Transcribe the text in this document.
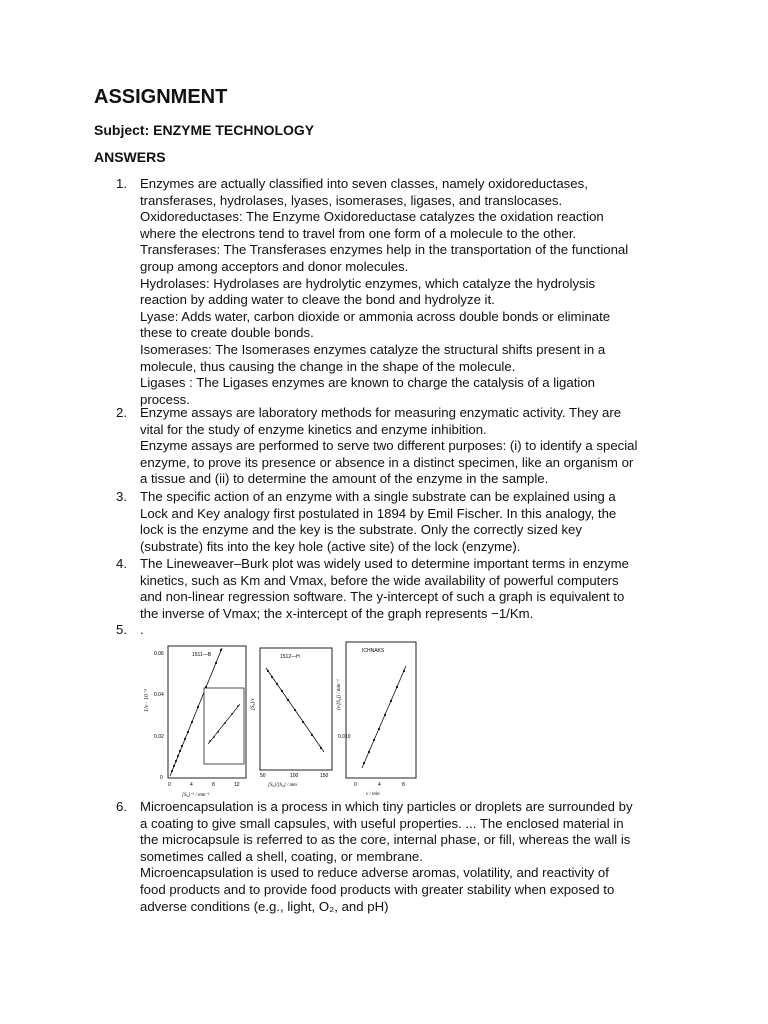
ASSIGNMENT
Subject: ENZYME TECHNOLOGY
ANSWERS
1. Enzymes are actually classified into seven classes, namely oxidoreductases,
transferases, hydrolases, lyases, isomerases, ligases, and translocases.
Oxidoreductases: The Enzyme Oxidoreductase catalyzes the oxidation reaction
where the electrons tend to travel from one form of a molecule to the other.
Transferases: The Transferases enzymes help in the transportation of the functional
group among acceptors and donor molecules.
Hydrolases: Hydrolases are hydrolytic enzymes, which catalyze the hydrolysis
reaction by adding water to cleave the bond and hydrolyze it.
Lyase: Adds water, carbon dioxide or ammonia across double bonds or eliminate
these to create double bonds.
Isomerases: The Isomerases enzymes catalyze the structural shifts present in a
molecule, thus causing the change in the shape of the molecule.
Ligases : The Ligases enzymes are known to charge the catalysis of a ligation
process.
2. Enzyme assays are laboratory methods for measuring enzymatic activity. They are
vital for the study of enzyme kinetics and enzyme inhibition.
Enzyme assays are performed to serve two different purposes: (i) to identify a special
enzyme, to prove its presence or absence in a distinct specimen, like an organism or
a tissue and (ii) to determine the amount of the enzyme in the sample.
3. The specific action of an enzyme with a single substrate can be explained using a
Lock and Key analogy first postulated in 1894 by Emil Fischer. In this analogy, the
lock is the enzyme and the key is the substrate. Only the correctly sized key
(substrate) fits into the key hole (active site) of the lock (enzyme).
4. The Lineweaver–Burk plot was widely used to determine important terms in enzyme
kinetics, such as Km and Vmax, before the wide availability of powerful computers
and non-linear regression software. The y-intercept of such a graph is equivalent to
the inverse of Vmax; the x-intercept of the graph represents −1/Km.
5. .
6. Microencapsulation is a process in which tiny particles or droplets are surrounded by
a coating to give small capsules, with useful properties. ... The enclosed material in
the microcapsule is referred to as the core, internal phase, or fill, whereas the wall is
sometimes called a shell, coating, or membrane.
Microencapsulation is used to reduce adverse aromas, volatility, and reactivity of
food products and to provide food products with greater stability when exposed to
adverse conditions (e.g., light, O₂, and pH)
1511—B
0.06
0.04
0.02
0
0	4	8	12
1/v · 10⁻³
[S₀]⁻¹ / mm⁻¹
1512—H
50	100	150
[S₀]/v
[S₀]/[S₀] / mm
ICHNAKS
0.010
0	4	8
(v/[S₀]) / min⁻¹
v / min
